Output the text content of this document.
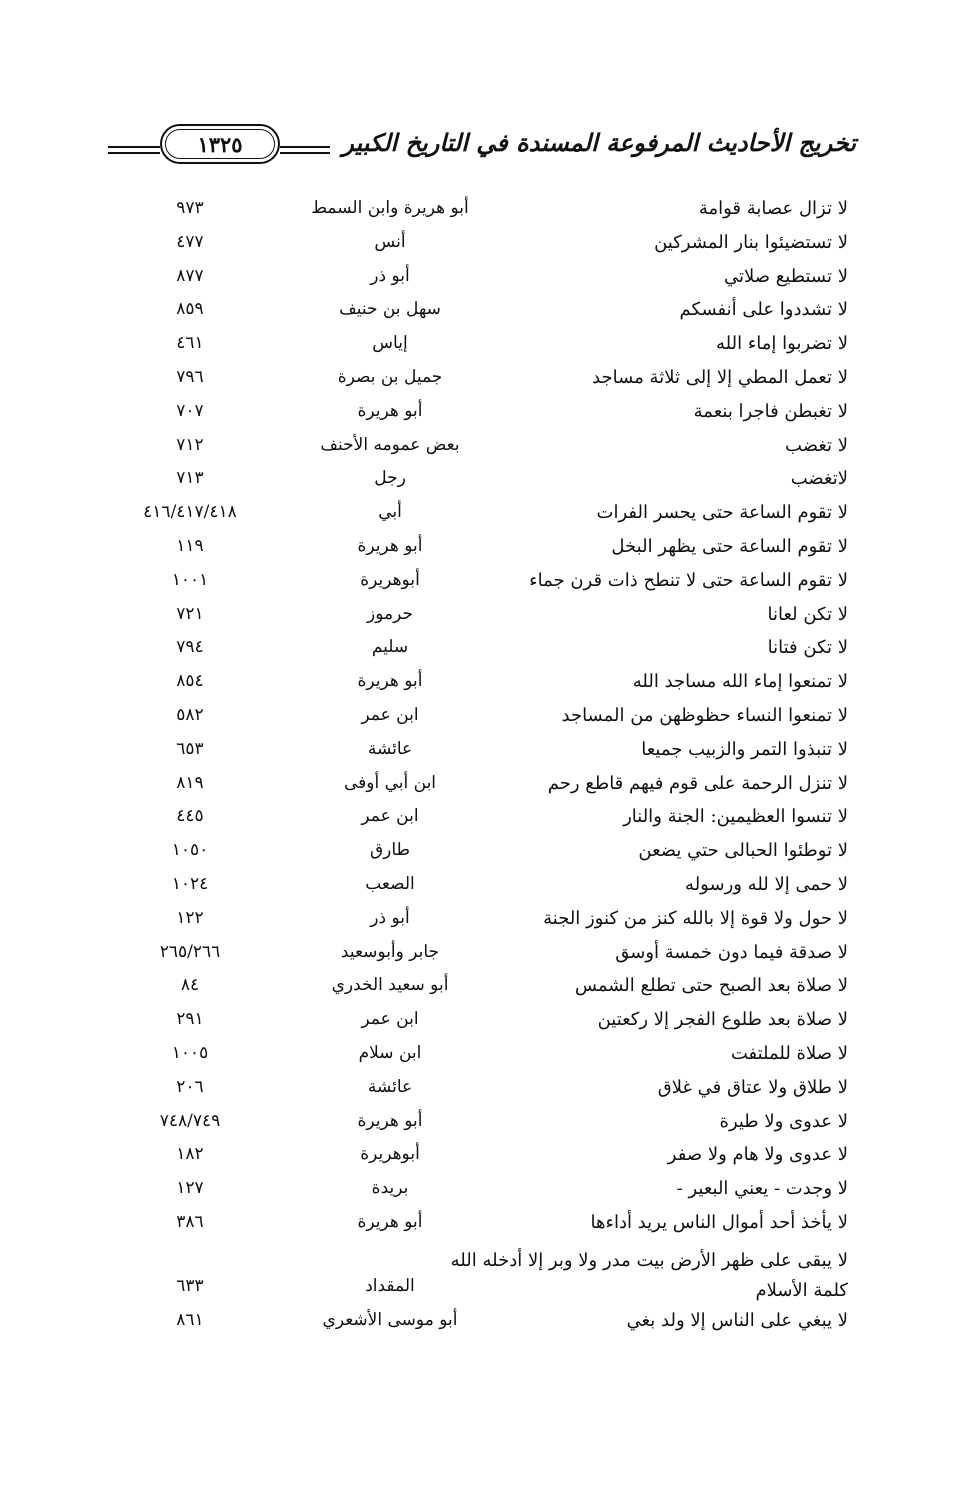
تخريج الأحاديث المرفوعة المسندة في التاريخ الكبير
١٣٢٥
لا تزال عصابة قوامة
أبو هريرة وابن السمط
٩٧٣
لا تستضيئوا بنار المشركين
أنس
٤٧٧
لا تستطيع صلاتي
أبو ذر
٨٧٧
لا تشددوا على أنفسكم
سهل بن حنيف
٨٥٩
لا تضربوا إماء الله
إياس
٤٦١
لا تعمل المطي إلا إلى ثلاثة مساجد
جميل بن بصرة
٧٩٦
لا تغبطن فاجرا بنعمة
أبو هريرة
٧٠٧
لا تغضب
بعض عمومه الأحنف
٧١٢
لاتغضب
رجل
٧١٣
لا تقوم الساعة حتى يحسر الفرات
أبي
٤١٦/٤١٧/٤١٨
لا تقوم الساعة حتى يظهر البخل
أبو هريرة
١١٩
لا تقوم الساعة حتى لا تنطح ذات قرن جماء
أبوهريرة
١٠٠١
لا تكن لعانا
حرموز
٧٢١
لا تكن فتانا
سليم
٧٩٤
لا تمنعوا إماء الله مساجد الله
أبو هريرة
٨٥٤
لا تمنعوا النساء حظوظهن من المساجد
ابن عمر
٥٨٢
لا تنبذوا التمر والزبيب جميعا
عائشة
٦٥٣
لا تنزل الرحمة على قوم فيهم قاطع رحم
ابن أبي أوفى
٨١٩
لا تنسوا العظيمين: الجنة والنار
ابن عمر
٤٤٥
لا توطئوا الحبالى حتي يضعن
طارق
١٠٥٠
لا حمى إلا لله ورسوله
الصعب
١٠٢٤
لا حول ولا قوة إلا بالله كنز من كنوز الجنة
أبو ذر
١٢٢
لا صدقة فيما دون خمسة أوسق
جابر وأبوسعيد
٢٦٥/٢٦٦
لا صلاة بعد الصبح حتى تطلع الشمس
أبو سعيد الخدري
٨٤
لا صلاة بعد طلوع الفجر إلا ركعتين
ابن عمر
٢٩١
لا صلاة للملتفت
ابن سلام
١٠٠٥
لا طلاق ولا عتاق في غلاق
عائشة
٢٠٦
لا عدوى ولا طيرة
أبو هريرة
٧٤٨/٧٤٩
لا عدوى ولا هام ولا صفر
أبوهريرة
١٨٢
لا وجدت - يعني البعير -
بريدة
١٢٧
لا يأخذ أحد أموال الناس يريد أداءها
أبو هريرة
٣٨٦
لا يبقى على ظهر الأرض بيت مدر ولا وبر إلا أدخله الله كلمة الأسلام
المقداد
٦٣٣
لا يبغي على الناس إلا ولد بغي
أبو موسى الأشعري
٨٦١
